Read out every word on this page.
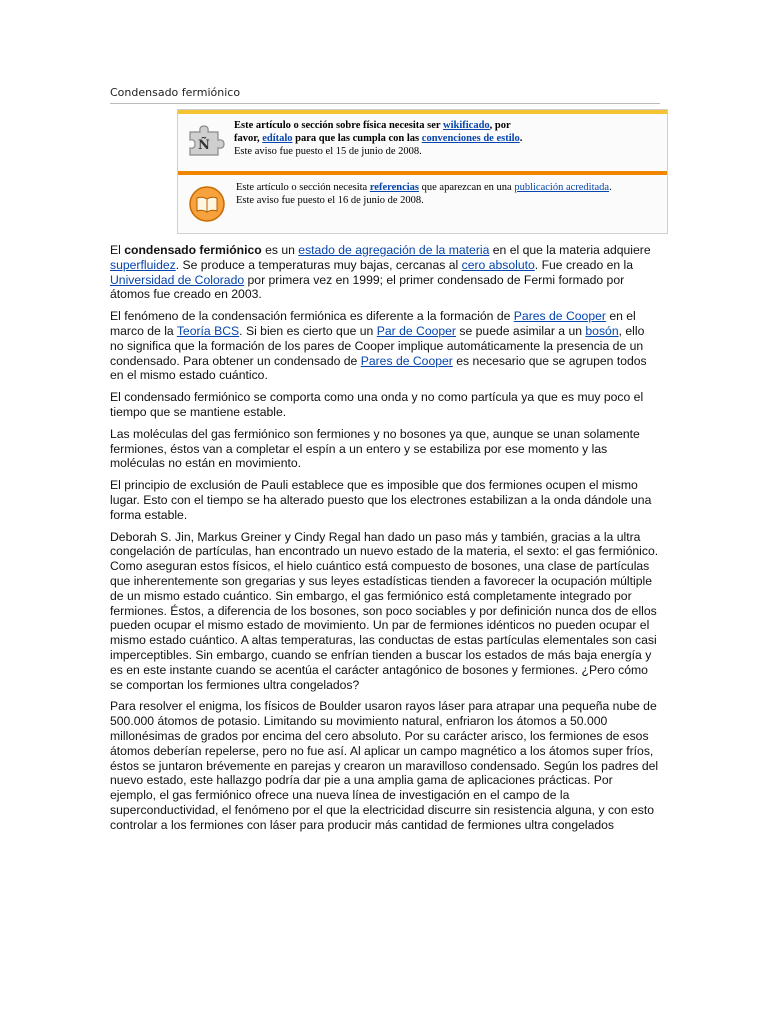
Condensado fermiónico
Ñ
Este artículo o sección sobre física necesita ser wikificado, por
favor, edítalo para que las cumpla con las convenciones de estilo.
Este aviso fue puesto el 15 de junio de 2008.
Este artículo o sección necesita referencias que aparezcan en una publicación acreditada.
Este aviso fue puesto el 16 de junio de 2008.

El condensado fermiónico es un estado de agregación de la materia en el que la materia adquiere superfluidez. Se produce a temperaturas muy bajas, cercanas al cero absoluto. Fue creado en la Universidad de Colorado por primera vez en 1999; el primer condensado de Fermi formado por átomos fue creado en 2003.

El fenómeno de la condensación fermiónica es diferente a la formación de Pares de Cooper en el marco de la Teoría BCS. Si bien es cierto que un Par de Cooper se puede asimilar a un bosón, ello no significa que la formación de los pares de Cooper implique automáticamente la presencia de un condensado. Para obtener un condensado de Pares de Cooper es necesario que se agrupen todos en el mismo estado cuántico.

El condensado fermiónico se comporta como una onda y no como partícula ya que es muy poco el tiempo que se mantiene estable.

Las moléculas del gas fermiónico son fermiones y no bosones ya que, aunque se unan solamente fermiones, éstos van a completar el espín a un entero y se estabiliza por ese momento y las moléculas no están en movimiento.

El principio de exclusión de Pauli establece que es imposible que dos fermiones ocupen el mismo lugar. Esto con el tiempo se ha alterado puesto que los electrones estabilizan a la onda dándole una forma estable.

Deborah S. Jin, Markus Greiner y Cindy Regal han dado un paso más y también, gracias a la ultra congelación de partículas, han encontrado un nuevo estado de la materia, el sexto: el gas fermiónico. Como aseguran estos físicos, el hielo cuántico está compuesto de bosones, una clase de partículas que inherentemente son gregarias y sus leyes estadísticas tienden a favorecer la ocupación múltiple de un mismo estado cuántico. Sin embargo, el gas fermiónico está completamente integrado por fermiones. Éstos, a diferencia de los bosones, son poco sociables y por definición nunca dos de ellos pueden ocupar el mismo estado de movimiento. Un par de fermiones idénticos no pueden ocupar el mismo estado cuántico. A altas temperaturas, las conductas de estas partículas elementales son casi imperceptibles. Sin embargo, cuando se enfrían tienden a buscar los estados de más baja energía y es en este instante cuando se acentúa el carácter antagónico de bosones y fermiones. ¿Pero cómo se comportan los fermiones ultra congelados?

Para resolver el enigma, los físicos de Boulder usaron rayos láser para atrapar una pequeña nube de 500.000 átomos de potasio. Limitando su movimiento natural, enfriaron los átomos a 50.000 millonésimas de grados por encima del cero absoluto. Por su carácter arisco, los fermiones de esos átomos deberían repelerse, pero no fue así. Al aplicar un campo magnético a los átomos super fríos, éstos se juntaron brévemente en parejas y crearon un maravilloso condensado. Según los padres del nuevo estado, este hallazgo podría dar pie a una amplia gama de aplicaciones prácticas. Por ejemplo, el gas fermiónico ofrece una nueva línea de investigación en el campo de la superconductividad, el fenómeno por el que la electricidad discurre sin resistencia alguna, y con esto controlar a los fermiones con láser para producir más cantidad de fermiones ultra congelados
